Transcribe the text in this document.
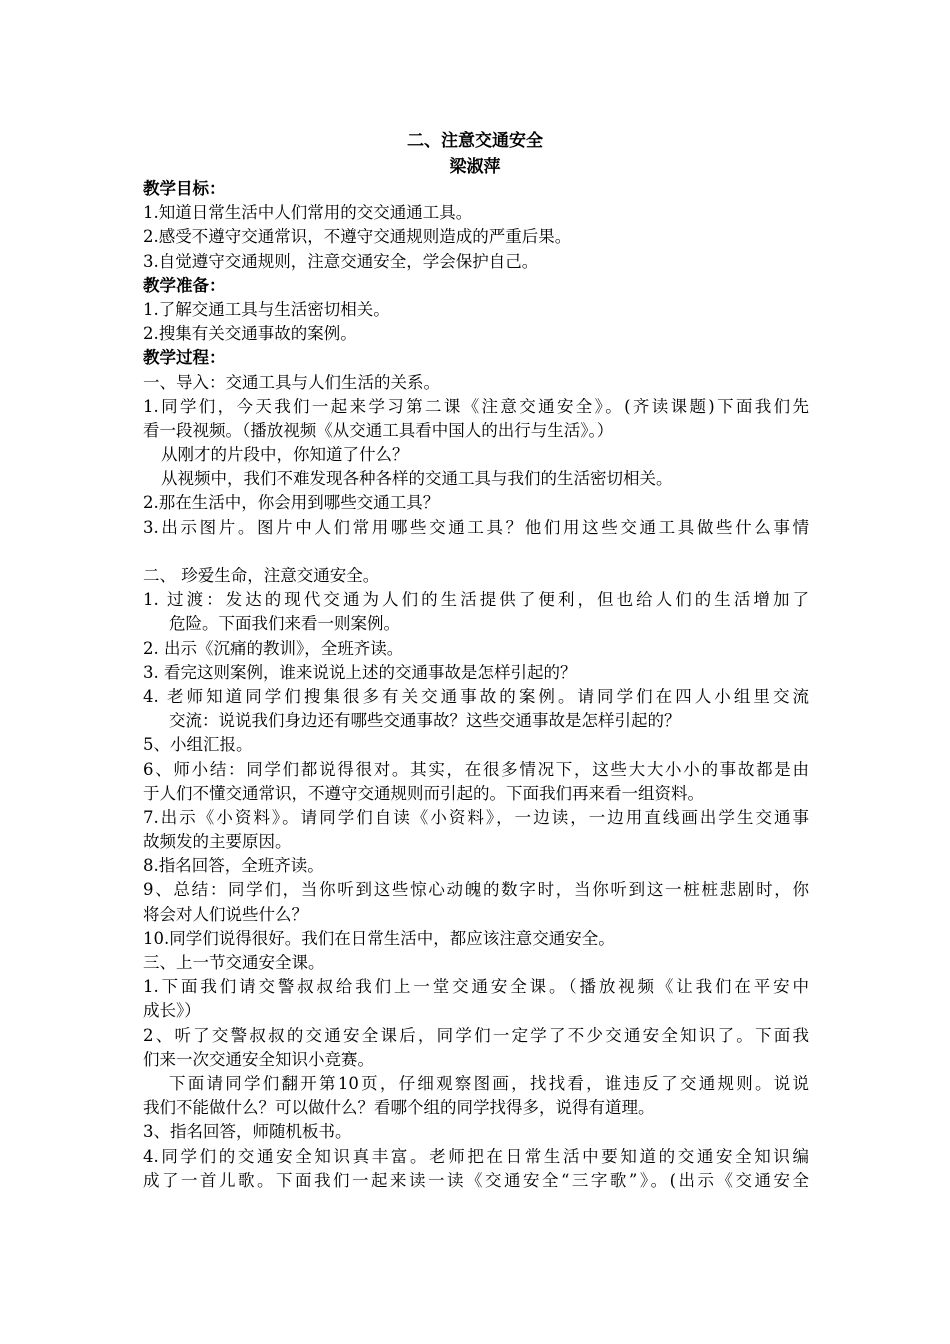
二、注意交通安全
梁淑萍
教学目标：
1.知道日常生活中人们常用的交交通通工具。
2.感受不遵守交通常识，不遵守交通规则造成的严重后果。
3.自觉遵守交通规则，注意交通安全，学会保护自己。
教学准备：
1.了解交通工具与生活密切相关。
2.搜集有关交通事故的案例。
教学过程：
一、导入：交通工具与人们生活的关系。
1.同学们，今天我们一起来学习第二课《注意交通安全》。(齐读课题)下面我们先
看一段视频。（播放视频《从交通工具看中国人的出行与生活》。）
从刚才的片段中，你知道了什么？
从视频中，我们不难发现各种各样的交通工具与我们的生活密切相关。
2.那在生活中，你会用到哪些交通工具？
3.出示图片。图片中人们常用哪些交通工具？他们用这些交通工具做些什么事情
二、 珍爱生命，注意交通安全。
1. 过渡：发达的现代交通为人们的生活提供了便利，但也给人们的生活增加了
危险。下面我们来看一则案例。
2. 出示《沉痛的教训》，全班齐读。
3. 看完这则案例，谁来说说上述的交通事故是怎样引起的？
4. 老师知道同学们搜集很多有关交通事故的案例。请同学们在四人小组里交流
交流：说说我们身边还有哪些交通事故？这些交通事故是怎样引起的？
5、小组汇报。
6、师小结：同学们都说得很对。其实，在很多情况下，这些大大小小的事故都是由
于人们不懂交通常识，不遵守交通规则而引起的。下面我们再来看一组资料。
7.出示《小资料》。请同学们自读《小资料》，一边读，一边用直线画出学生交通事
故频发的主要原因。
8.指名回答，全班齐读。
9、总结：同学们，当你听到这些惊心动魄的数字时，当你听到这一桩桩悲剧时，你
将会对人们说些什么？
10.同学们说得很好。我们在日常生活中，都应该注意交通安全。
三、上一节交通安全课。
1.下面我们请交警叔叔给我们上一堂交通安全课。（播放视频《让我们在平安中
成长》）
2、听了交警叔叔的交通安全课后，同学们一定学了不少交通安全知识了。下面我
们来一次交通安全知识小竞赛。
下面请同学们翻开第10页，仔细观察图画，找找看，谁违反了交通规则。说说
我们不能做什么？可以做什么？看哪个组的同学找得多，说得有道理。
3、指名回答，师随机板书。
4.同学们的交通安全知识真丰富。老师把在日常生活中要知道的交通安全知识编
成了一首儿歌。下面我们一起来读一读《交通安全“三字歌”》。(出示《交通安全
